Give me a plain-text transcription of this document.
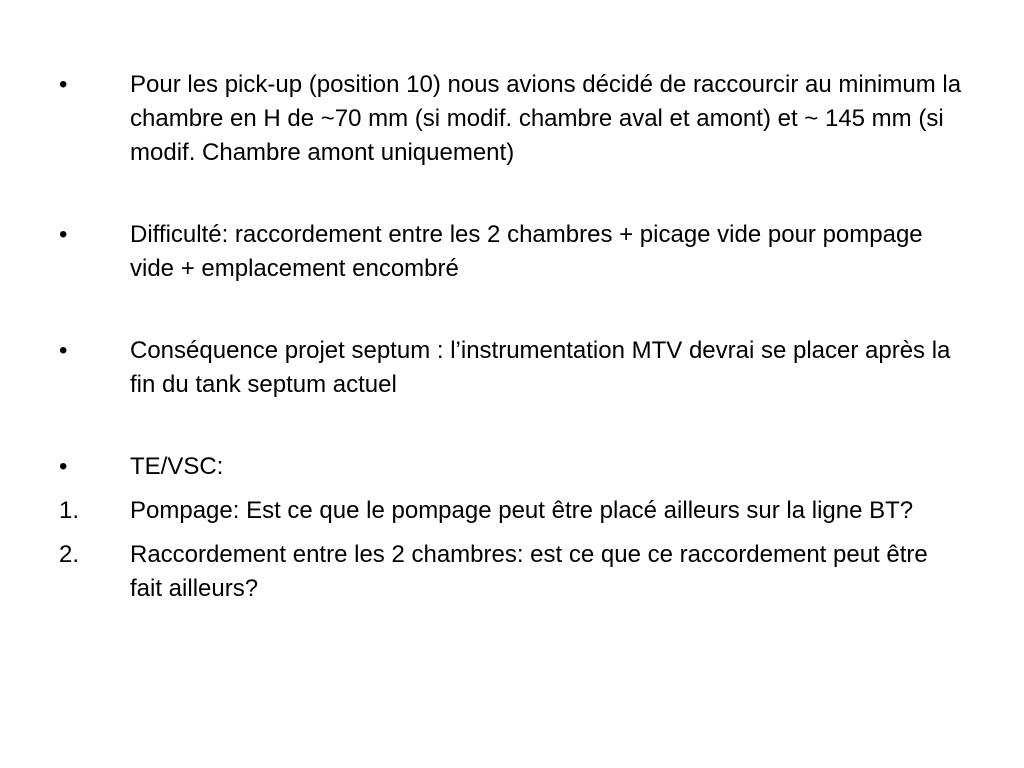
•	Pour les pick-up (position 10) nous avions décidé de raccourcir au minimum la chambre en H de ~70 mm (si modif. chambre aval et amont) et ~ 145 mm (si modif. Chambre amont uniquement)
•	Difficulté: raccordement entre les 2 chambres + picage vide pour pompage vide + emplacement encombré
•	Conséquence projet septum : l’instrumentation MTV devrai se placer après la fin du tank septum actuel
•	TE/VSC:
1.	Pompage: Est ce que le pompage peut être placé ailleurs sur la ligne BT?
2.	Raccordement entre les 2 chambres: est ce que ce raccordement peut être fait ailleurs?
